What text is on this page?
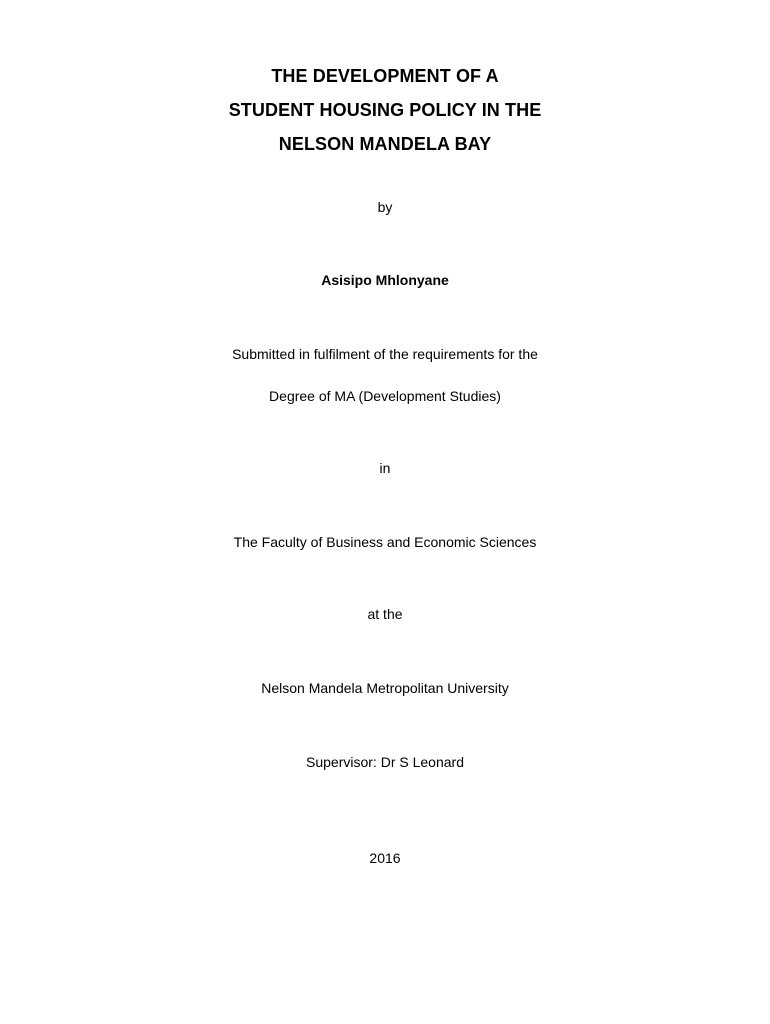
THE DEVELOPMENT OF A
STUDENT HOUSING POLICY IN THE
NELSON MANDELA BAY
by
Asisipo Mhlonyane
Submitted in fulfilment of the requirements for the
Degree of MA (Development Studies)
in
The Faculty of Business and Economic Sciences
at the
Nelson Mandela Metropolitan University
Supervisor: Dr S Leonard
2016
